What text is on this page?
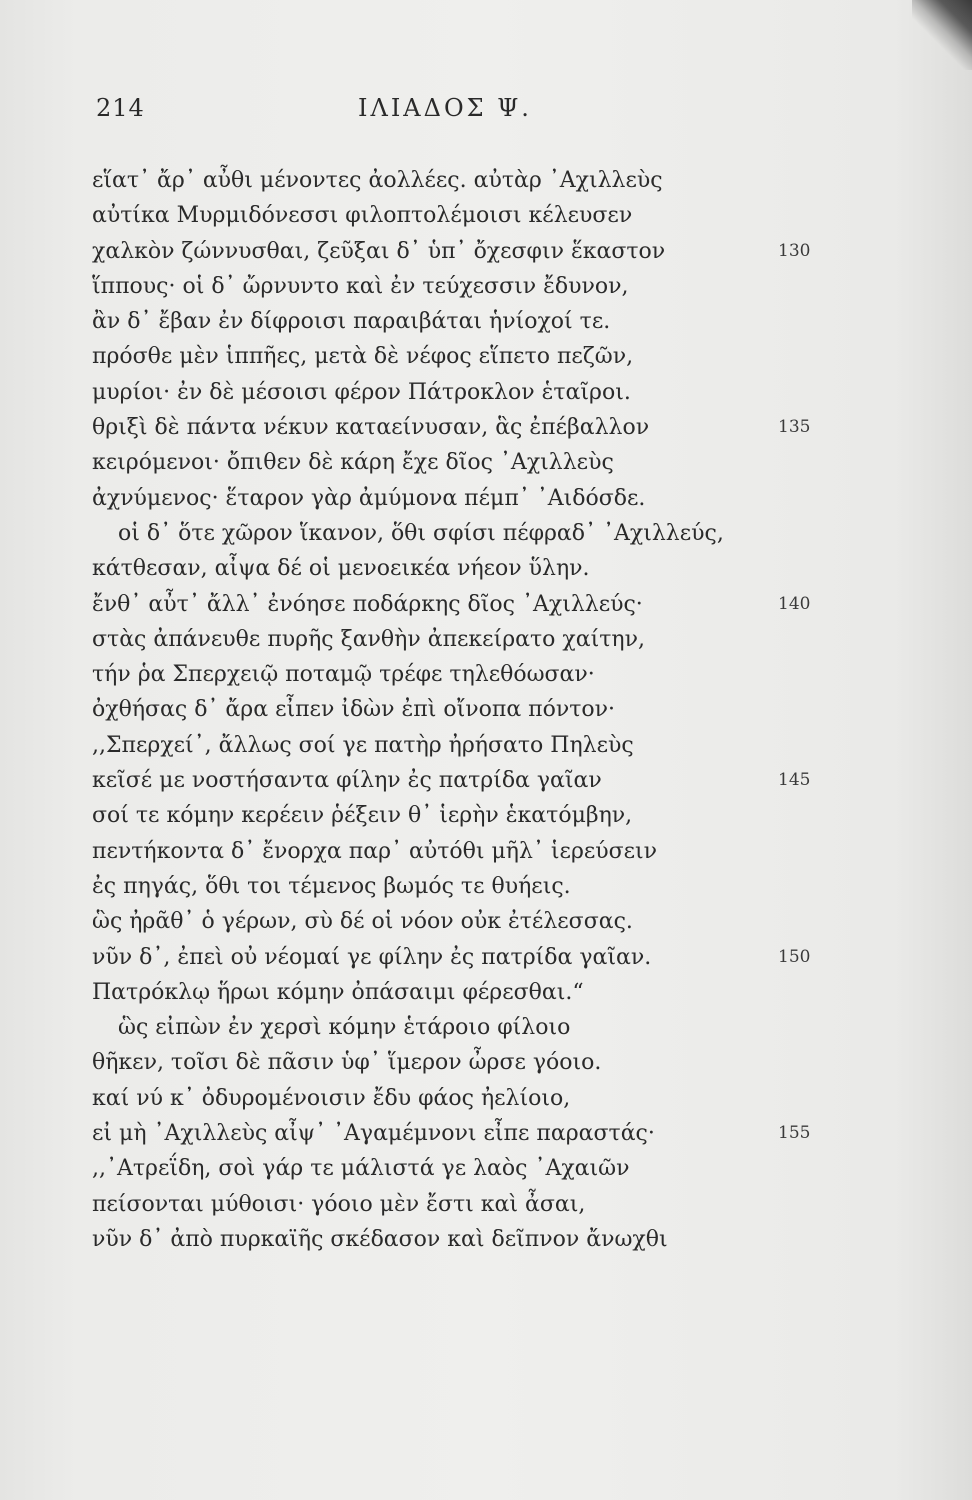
214	ΙΛΙΑΔΟΣ Ψ.
εἵατ᾽ ἄρ᾽ αὖθι μένοντες ἀολλέες. αὐτὰρ ᾽Αχιλλεὺς
αὐτίκα Μυρμιδόνεσσι φιλοπτολέμοισι κέλευσεν
χαλκὸν ζώννυσθαι, ζεῦξαι δ᾽ ὑπ᾽ ὄχεσφιν ἕκαστον	130
ἵππους· οἱ δ᾽ ὤρνυντο καὶ ἐν τεύχεσσιν ἔδυνον,
ἂν δ᾽ ἔβαν ἐν δίφροισι παραιβάται ἡνίοχοί τε.
πρόσθε μὲν ἱππῆες, μετὰ δὲ νέφος εἵπετο πεζῶν,
μυρίοι· ἐν δὲ μέσοισι φέρον Πάτροκλον ἑταῖροι.
θριξὶ δὲ πάντα νέκυν καταείνυσαν, ἃς ἐπέβαλλον	135
κειρόμενοι· ὄπιθεν δὲ κάρη ἔχε δῖος ᾽Αχιλλεὺς
ἀχνύμενος· ἕταρον γὰρ ἀμύμονα πέμπ᾽ ᾽Αιδόσδε.
οἱ δ᾽ ὅτε χῶρον ἵκανον, ὅθι σφίσι πέφραδ᾽ ᾽Αχιλλεύς,
κάτθεσαν, αἶψα δέ οἱ μενοεικέα νήεον ὕλην.
ἔνθ᾽ αὖτ᾽ ἄλλ᾽ ἐνόησε ποδάρκης δῖος ᾽Αχιλλεύς·	140
στὰς ἀπάνευθε πυρῆς ξανθὴν ἀπεκείρατο χαίτην,
τήν ῥα Σπερχειῷ ποταμῷ τρέφε τηλεθόωσαν·
ὀχθήσας δ᾽ ἄρα εἶπεν ἰδὼν ἐπὶ οἴνοπα πόντον·
,,Σπερχεί᾽, ἄλλως σοί γε πατὴρ ἠρήσατο Πηλεὺς
κεῖσέ με νοστήσαντα φίλην ἐς πατρίδα γαῖαν	145
σοί τε κόμην κερέειν ῥέξειν θ᾽ ἱερὴν ἑκατόμβην,
πεντήκοντα δ᾽ ἔνορχα παρ᾽ αὐτόθι μῆλ᾽ ἱερεύσειν
ἐς πηγάς, ὅθι τοι τέμενος βωμός τε θυήεις.
ὣς ἠρᾶθ᾽ ὁ γέρων, σὺ δέ οἱ νόον οὐκ ἐτέλεσσας.
νῦν δ᾽, ἐπεὶ οὐ νέομαί γε φίλην ἐς πατρίδα γαῖαν.	150
Πατρόκλῳ ἥρωι κόμην ὀπάσαιμι φέρεσθαι.“
ὣς εἰπὼν ἐν χερσὶ κόμην ἑτάροιο φίλοιο
θῆκεν, τοῖσι δὲ πᾶσιν ὑφ᾽ ἵμερον ὦρσε γόοιο.
καί νύ κ᾽ ὀδυρομένοισιν ἔδυ φάος ἠελίοιο,
εἰ μὴ ᾽Αχιλλεὺς αἶψ᾽ ᾽Αγαμέμνονι εἶπε παραστάς·	155
,,᾽Ατρεΐδη, σοὶ γάρ τε μάλιστά γε λαὸς ᾽Αχαιῶν
πείσονται μύθοισι· γόοιο μὲν ἔστι καὶ ἆσαι,
νῦν δ᾽ ἀπὸ πυρκαϊῆς σκέδασον καὶ δεῖπνον ἄνωχθι
